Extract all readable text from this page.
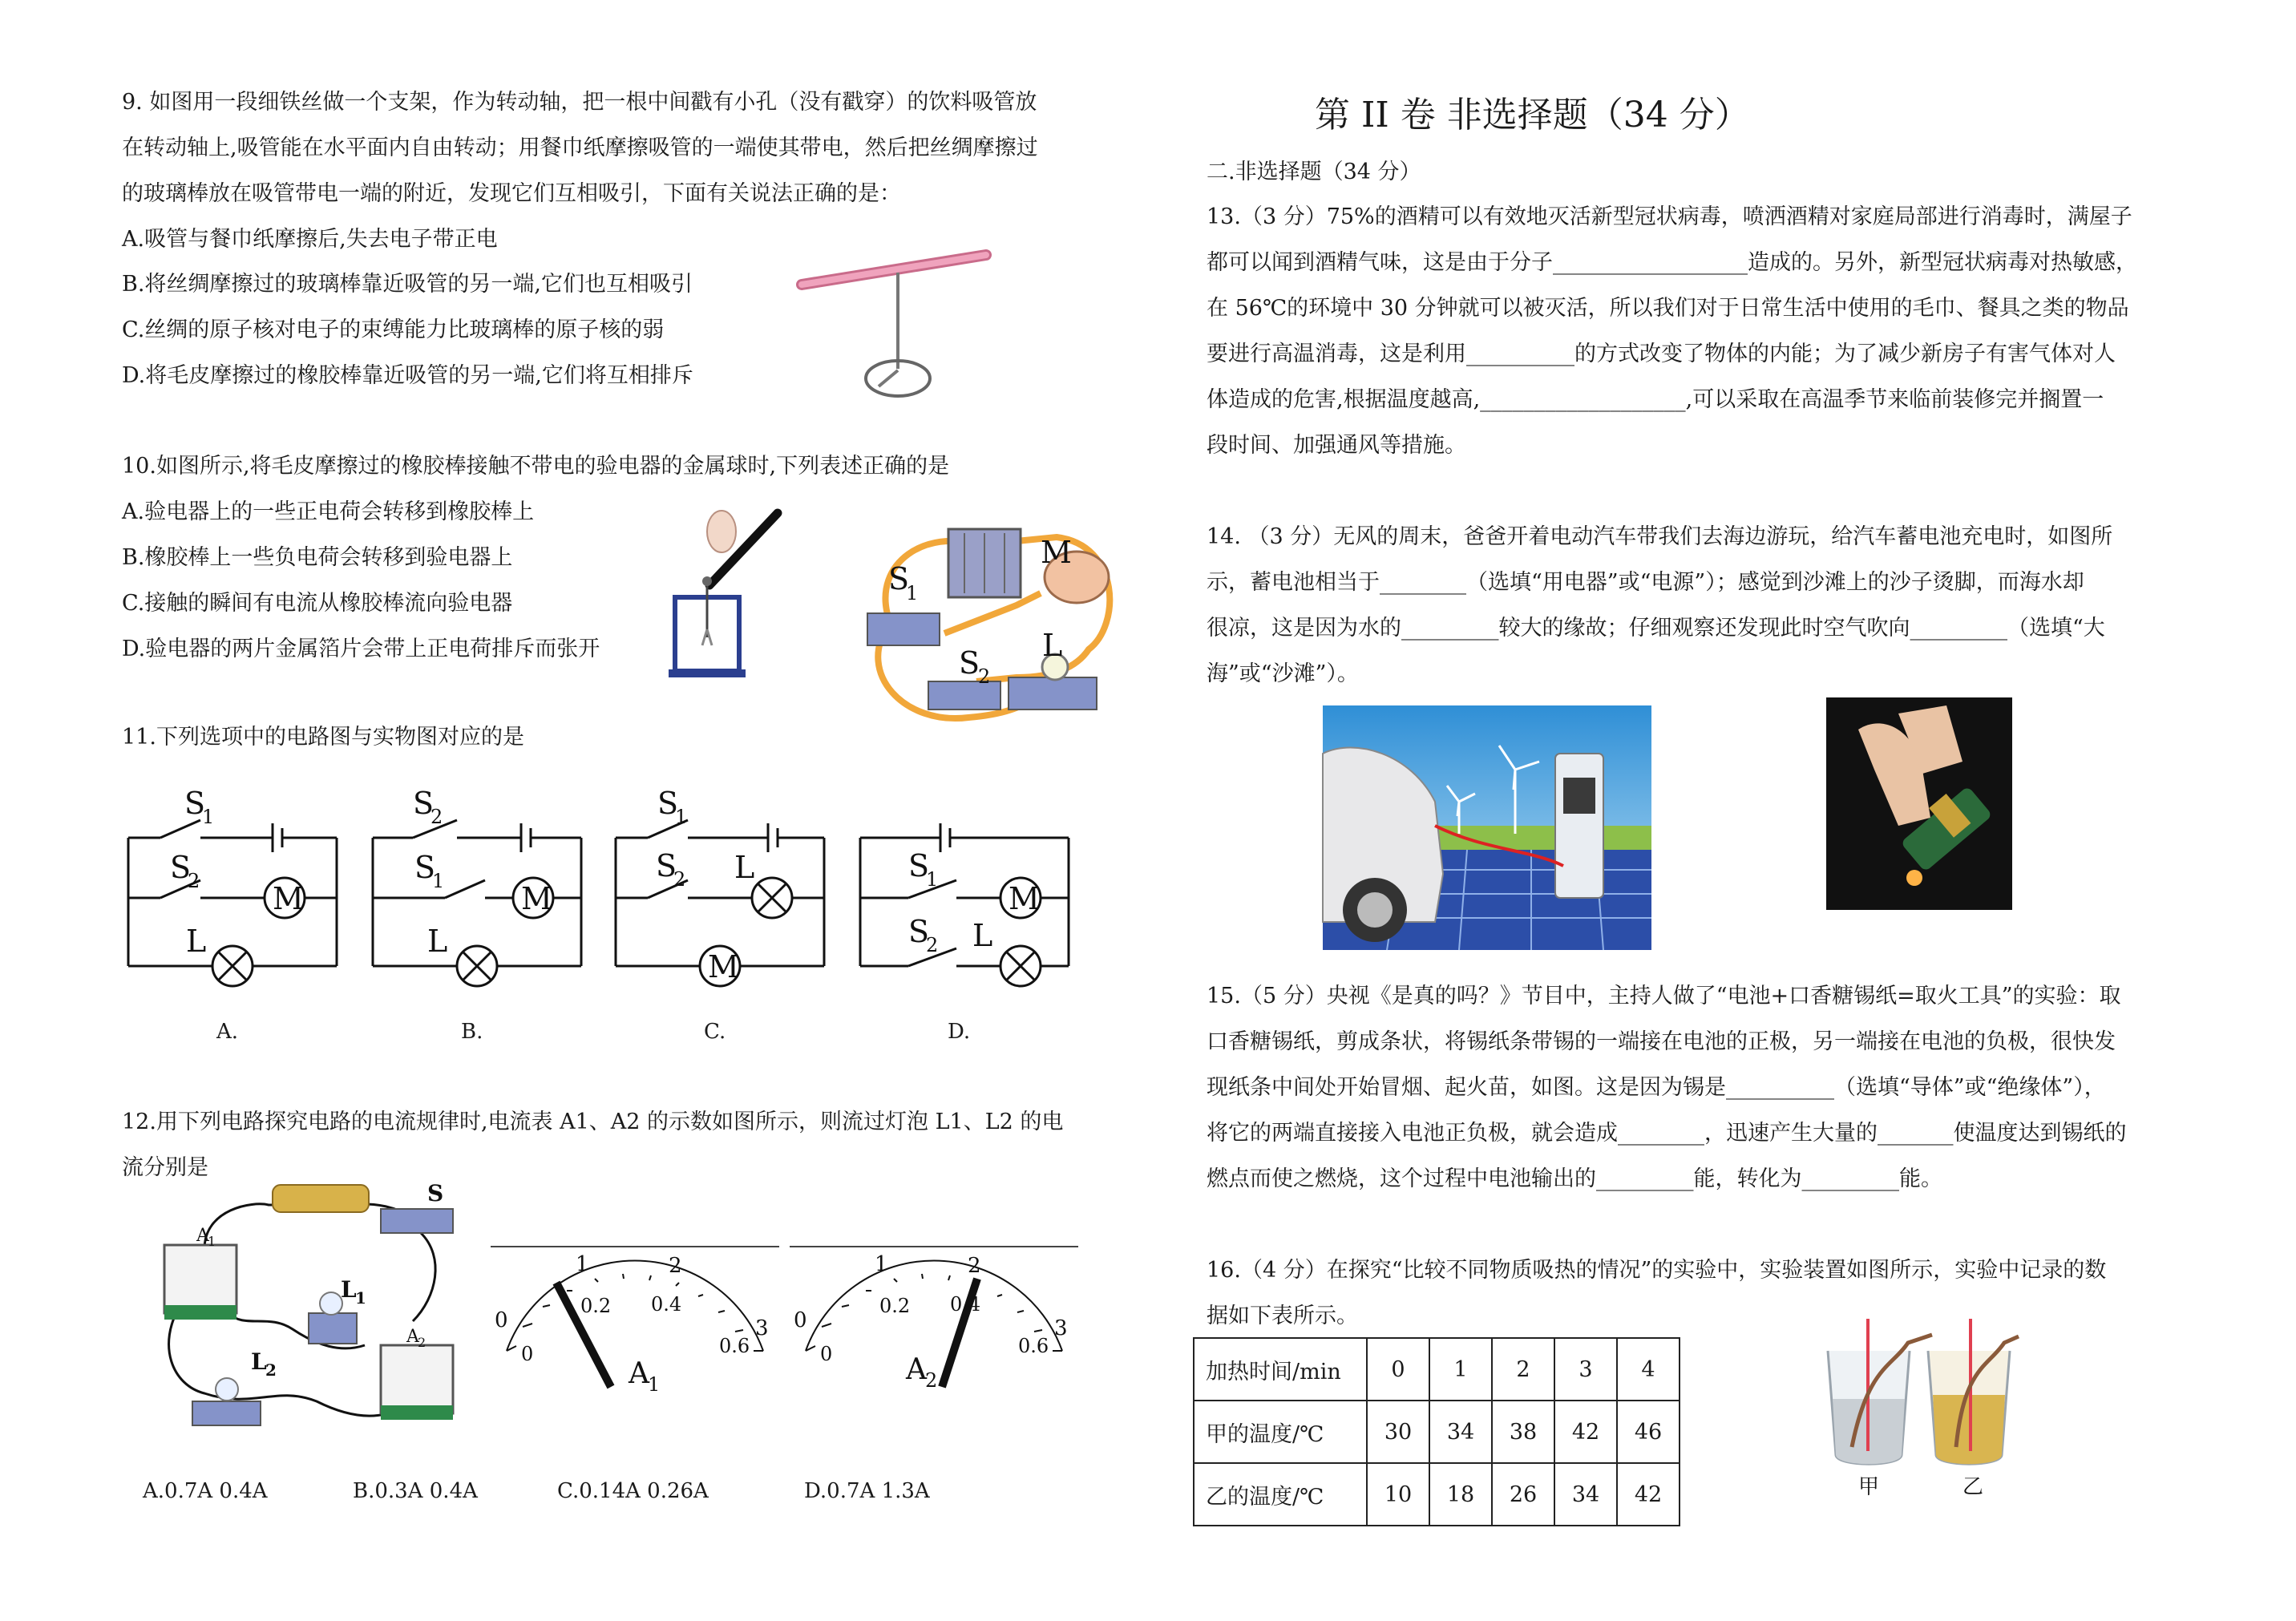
9. 如图用一段细铁丝做一个支架，作为转动轴，把一根中间戳有小孔（没有戳穿）的饮料吸管放
在转动轴上,吸管能在水平面内自由转动；用餐巾纸摩擦吸管的一端使其带电，然后把丝绸摩擦过
的玻璃棒放在吸管带电一端的附近，发现它们互相吸引，下面有关说法正确的是：
A.吸管与餐巾纸摩擦后,失去电子带正电
B.将丝绸摩擦过的玻璃棒靠近吸管的另一端,它们也互相吸引
C.丝绸的原子核对电子的束缚能力比玻璃棒的原子核的弱
D.将毛皮摩擦过的橡胶棒靠近吸管的另一端,它们将互相排斥
10.如图所示,将毛皮摩擦过的橡胶棒接触不带电的验电器的金属球时,下列表述正确的是
A.验电器上的一些正电荷会转移到橡胶棒上
B.橡胶棒上一些负电荷会转移到验电器上
C.接触的瞬间有电流从橡胶棒流向验电器
D.验电器的两片金属箔片会带上正电荷排斥而张开
S
1
M
S
2
L
11.下列选项中的电路图与实物图对应的是
S
1
S
2 M
L
A.
S
2
S
1	M
L
B.
S
1
S
2 L
M
C.
S
1
M
S
2 L
D.
12.用下列电路探究电路的电流规律时,电流表 A1、A2 的示数如图所示，则流过灯泡 L1、L2 的电
流分别是
A
1
L
1
A
2
L
2
S
1	2
3
0
0
0.2 0.4
0.6
A
1
1	2
3
0
0
0.2 0.4
0.6
A
2
A.0.7A 0.4A	B.0.3A 0.4A	C.0.14A 0.26A	D.0.7A 1.3A
第 II 卷 非选择题（34 分）
二.非选择题（34 分）
13.（3 分）75%的酒精可以有效地灭活新型冠状病毒，喷洒酒精对家庭局部进行消毒时，满屋子
都可以闻到酒精气味，这是由于分子__________________造成的。另外，新型冠状病毒对热敏感，
在 56℃的环境中 30 分钟就可以被灭活，所以我们对于日常生活中使用的毛巾、餐具之类的物品
要进行高温消毒，这是利用__________的方式改变了物体的内能；为了减少新房子有害气体对人
体造成的危害,根据温度越高,___________________,可以采取在高温季节来临前装修完并搁置一
段时间、加强通风等措施。
14. （3 分）无风的周末，爸爸开着电动汽车带我们去海边游玩，给汽车蓄电池充电时，如图所
示，蓄电池相当于________（选填“用电器”或“电源”）；感觉到沙滩上的沙子烫脚，而海水却
很凉，这是因为水的_________较大的缘故；仔细观察还发现此时空气吹向_________（选填“大
海”或“沙滩”）。
15.（5 分）央视《是真的吗？》节目中，主持人做了“电池+口香糖锡纸=取火工具”的实验：取
口香糖锡纸，剪成条状，将锡纸条带锡的一端接在电池的正极，另一端接在电池的负极，很快发
现纸条中间处开始冒烟、起火苗，如图。这是因为锡是__________（选填“导体”或“绝缘体”），
将它的两端直接接入电池正负极，就会造成________，迅速产生大量的_______使温度达到锡纸的
燃点而使之燃烧，这个过程中电池输出的_________能，转化为_________能。
16.（4 分）在探究“比较不同物质吸热的情况”的实验中，实验装置如图所示，实验中记录的数
据如下表所示。
加热时间/min	0	1	2	3	4
甲的温度/℃	30	34	38	42	46
乙的温度/℃	10	18	26	34	42	甲	乙
